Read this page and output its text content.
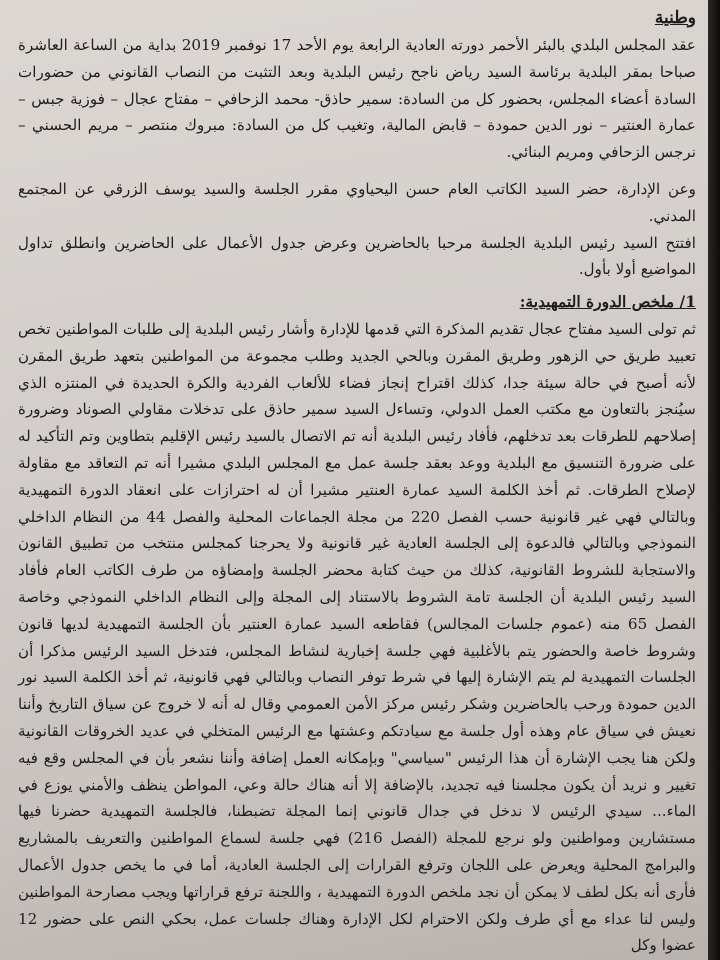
وطنية

عقد المجلس البلدي بالبئر الأحمر دورته العادية الرابعة يوم الأحد 17 نوفمبر 2019 بداية من الساعة العاشرة صباحا بمقر البلدية برئاسة السيد رياض ناجح رئيس البلدية وبعد التثبت من النصاب القانوني من حضورات السادة أعضاء المجلس، بحضور كل من السادة: سمير حاذق- محمد الزحافي – مفتاح عجال – فوزية جبس – عمارة العنتير – نور الدين حمودة – قابض المالية، وتغيب كل من السادة: مبروك منتصر – مريم الحسني – نرجس الزحافي ومريم البنائي.

وعن الإدارة، حضر السيد الكاتب العام حسن اليحياوي مقرر الجلسة والسيد يوسف الزرقي عن المجتمع المدني.

افتتح السيد رئيس البلدية الجلسة مرحبا بالحاضرين وعرض جدول الأعمال على الحاضرين وانطلق تداول المواضيع أولا بأول.

1/ ملخص الدورة التمهيدية:

ثم تولى السيد مفتاح عجال تقديم المذكرة التي قدمها للإدارة وأشار رئيس البلدية إلى طلبات المواطنين تخص تعبيد طريق حي الزهور وطريق المقرن وبالحي الجديد وطلب مجموعة من المواطنين بتعهد طريق المقرن لأنه أصبح في حالة سيئة جدا، كذلك اقتراح إنجاز فضاء للألعاب الفردية والكرة الحديدة في المنتزه الذي سيُنجز بالتعاون مع مكتب العمل الدولي، وتساءل السيد سمير حاذق على تدخلات مقاولي الصوناد وضرورة إصلاحهم للطرقات بعد تدخلهم، فأفاد رئيس البلدية أنه تم الاتصال بالسيد رئيس الإقليم بتطاوين وتم التأكيد له على ضرورة التنسيق مع البلدية ووعد بعقد جلسة عمل مع المجلس البلدي مشيرا أنه تم التعاقد مع مقاولة لإصلاح الطرقات. ثم أخذ الكلمة السيد عمارة العنتير مشيرا أن له احترازات على انعقاد الدورة التمهيدية وبالتالي فهي غير قانونية حسب الفصل 220 من مجلة الجماعات المحلية والفصل 44 من النظام الداخلي النموذجي وبالتالي فالدعوة إلى الجلسة العادية غير قانونية ولا يحرجنا كمجلس منتخب من تطبيق القانون والاستجابة للشروط القانونية، كذلك من حيث كتابة محضر الجلسة وإمضاؤه من طرف الكاتب العام فأفاد السيد رئيس البلدية أن الجلسة تامة الشروط بالاستناد إلى المجلة وإلى النظام الداخلي النموذجي وخاصة الفصل 65 منه (عموم جلسات المجالس) فقاطعه السيد عمارة العنتير بأن الجلسة التمهيدية لديها قانون وشروط خاصة والحضور يتم بالأغلبية فهي جلسة إخبارية لنشاط المجلس، فتدخل السيد الرئيس مذكرا أن الجلسات التمهيدية لم يتم الإشارة إليها في شرط توفر النصاب وبالتالي فهي قانونية، ثم أخذ الكلمة السيد نور الدين حمودة ورحب بالحاضرين وشكر رئيس مركز الأمن العمومي وقال له أنه لا خروج عن سياق التاريخ وأننا نعيش في سياق عام وهذه أول جلسة مع سيادتكم وعشتها مع الرئيس المتخلي في عديد الخروقات القانونية ولكن هنا يجب الإشارة أن هذا الرئيس "سياسي" وبإمكانه العمل إضافة وأننا نشعر بأن في المجلس وقع فيه تغيير و نريد أن يكون مجلسنا فيه تجديد، بالإضافة إلا أنه هناك حالة وعي، المواطن ينظف والأمني يوزع في الماء... سيدي الرئيس لا ندخل في جدال قانوني إنما المجلة تضبطنا، فالجلسة التمهيدية حضرنا فيها مستشارين ومواطنين ولو نرجع للمجلة (الفصل 216) فهي جلسة لسماع المواطنين والتعريف بالمشاريع والبرامج المحلية ويعرض على اللجان وترفع القرارات إلى الجلسة العادية، أما في ما يخص جدول الأعمال فأرى أنه بكل لطف لا يمكن أن نجد ملخص الدورة التمهيدية ، واللجنة ترفع قراراتها ويجب مصارحة المواطنين وليس لنا عداء مع أي طرف ولكن الاحترام لكل الإدارة وهناك جلسات عمل، بحكي النص على حضور 12 عضوا وكل
